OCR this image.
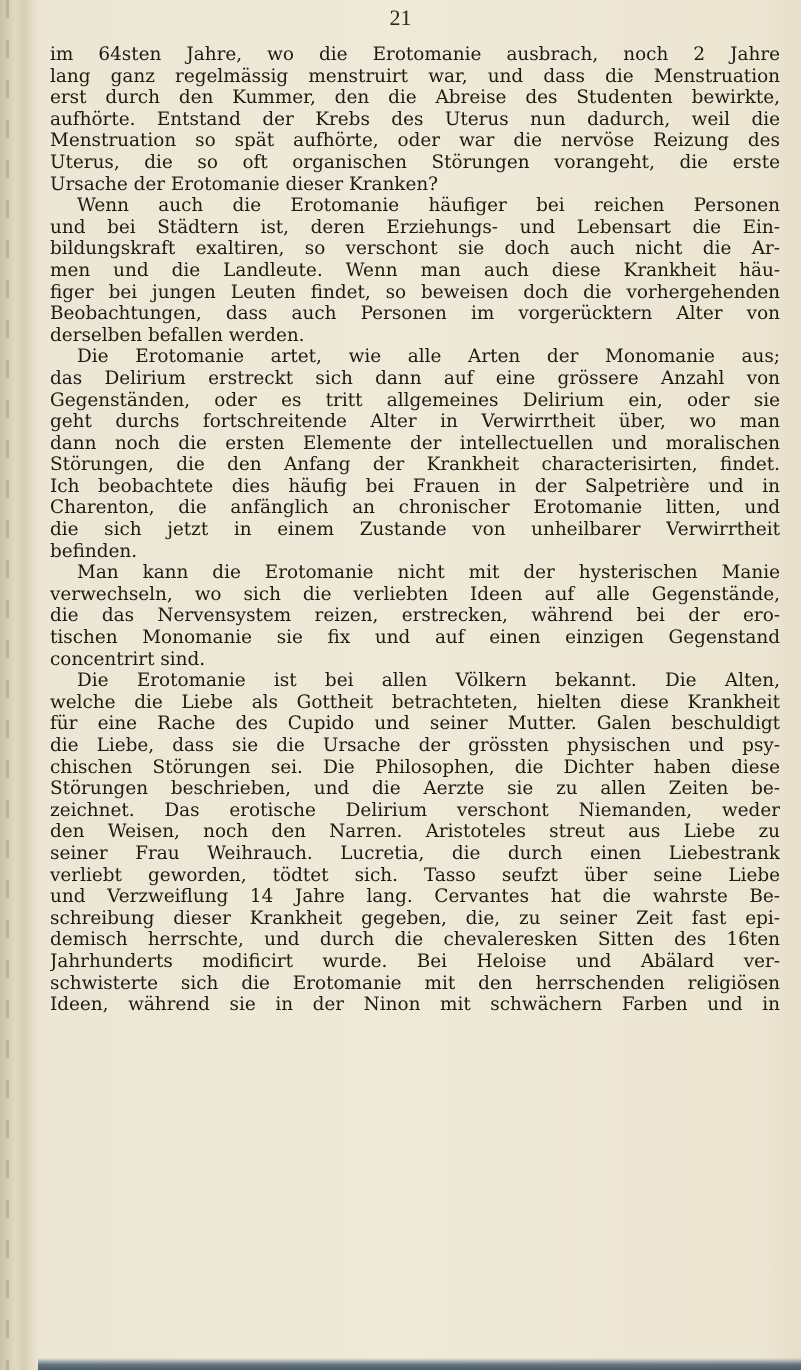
21
im 64sten Jahre, wo die Erotomanie ausbrach, noch 2 Jahre
lang ganz regelmässig menstruirt war, und dass die Menstruation
erst durch den Kummer, den die Abreise des Studenten bewirkte,
aufhörte. Entstand der Krebs des Uterus nun dadurch, weil die
Menstruation so spät aufhörte, oder war die nervöse Reizung des
Uterus, die so oft organischen Störungen vorangeht, die erste
Ursache der Erotomanie dieser Kranken?
Wenn auch die Erotomanie häufiger bei reichen Personen
und bei Städtern ist, deren Erziehungs- und Lebensart die Ein-
bildungskraft exaltiren, so verschont sie doch auch nicht die Ar-
men und die Landleute. Wenn man auch diese Krankheit häu-
figer bei jungen Leuten findet, so beweisen doch die vorhergehenden
Beobachtungen, dass auch Personen im vorgerücktern Alter von
derselben befallen werden.
Die Erotomanie artet, wie alle Arten der Monomanie aus;
das Delirium erstreckt sich dann auf eine grössere Anzahl von
Gegenständen, oder es tritt allgemeines Delirium ein, oder sie
geht durchs fortschreitende Alter in Verwirrtheit über, wo man
dann noch die ersten Elemente der intellectuellen und moralischen
Störungen, die den Anfang der Krankheit characterisirten, findet.
Ich beobachtete dies häufig bei Frauen in der Salpetrière und in
Charenton, die anfänglich an chronischer Erotomanie litten, und
die sich jetzt in einem Zustande von unheilbarer Verwirrtheit
befinden.
Man kann die Erotomanie nicht mit der hysterischen Manie
verwechseln, wo sich die verliebten Ideen auf alle Gegenstände,
die das Nervensystem reizen, erstrecken, während bei der ero-
tischen Monomanie sie fix und auf einen einzigen Gegenstand
concentrirt sind.
Die Erotomanie ist bei allen Völkern bekannt. Die Alten,
welche die Liebe als Gottheit betrachteten, hielten diese Krankheit
für eine Rache des Cupido und seiner Mutter. Galen beschuldigt
die Liebe, dass sie die Ursache der grössten physischen und psy-
chischen Störungen sei. Die Philosophen, die Dichter haben diese
Störungen beschrieben, und die Aerzte sie zu allen Zeiten be-
zeichnet. Das erotische Delirium verschont Niemanden, weder
den Weisen, noch den Narren. Aristoteles streut aus Liebe zu
seiner Frau Weihrauch. Lucretia, die durch einen Liebestrank
verliebt geworden, tödtet sich. Tasso seufzt über seine Liebe
und Verzweiflung 14 Jahre lang. Cervantes hat die wahrste Be-
schreibung dieser Krankheit gegeben, die, zu seiner Zeit fast epi-
demisch herrschte, und durch die chevaleresken Sitten des 16ten
Jahrhunderts modificirt wurde. Bei Heloise und Abälard ver-
schwisterte sich die Erotomanie mit den herrschenden religiösen
Ideen, während sie in der Ninon mit schwächern Farben und in
